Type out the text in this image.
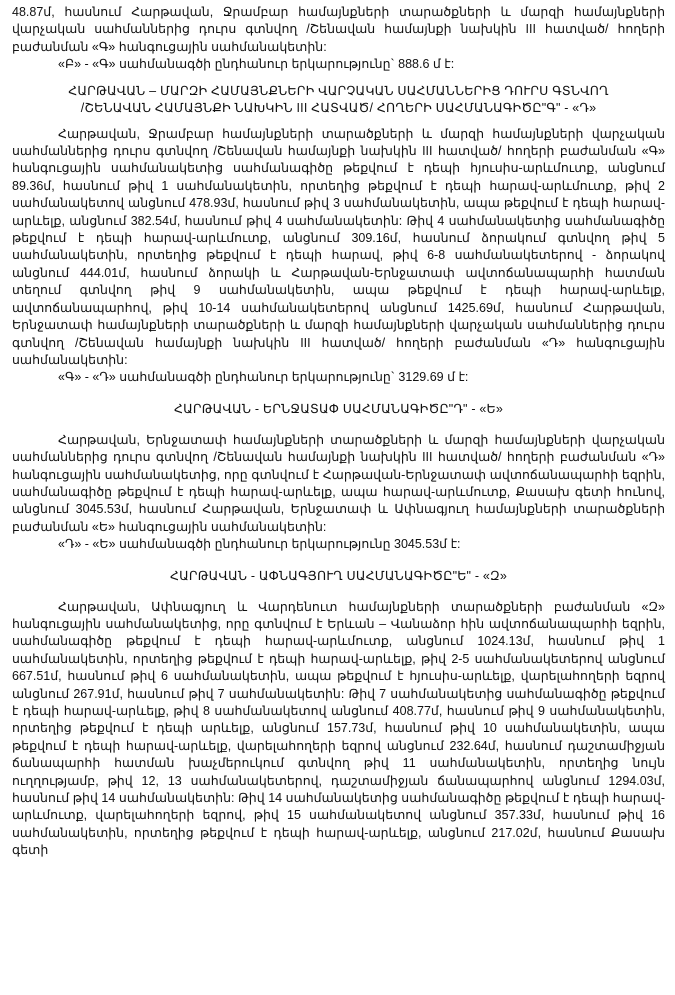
48.87մ, հասնում Հարթավան, Ջրամբար համայնքների տարածքների և մարզի համայնքների վարչական սահմաններից դուրս գտնվող /Շենավան համայնքի նախկին III հատված/ հողերի բաժանման «Գ» հանգուցային սահմանակետին:

«Բ» - «Գ» սահմանագծի ընդհանուր երկարությունը` 888.6 մ է:

ՀԱՐԹԱՎԱՆ – ՄԱՐԶԻ ՀԱՄԱՅՆՔՆԵՐԻ ՎԱՐՉԱԿԱՆ ՍԱՀՄԱՆՆԵՐԻՑ ԴՈՒՐՍ ԳՏՆՎՈՂ

/ՇԵՆԱՎԱՆ ՀԱՄԱՅՆՔԻ ՆԱԽԿԻՆ III ՀԱՏՎԱԾ/ ՀՈՂԵՐԻ ՍԱՀՄԱՆԱԳԻԾԸ"Գ" - «Դ»

Հարթավան, Ջրամբար համայնքների տարածքների և մարզի համայնքների վարչական սահմաններից դուրս գտնվող /Շենավան համայնքի նախկին III հատված/ հողերի բաժանման «Գ» հանգուցային սահմանակետից սահմանագիծը թեքվում է դեպի հյուսիս-արևմուտք, անցնում 89.36մ, հասնում թիվ 1 սահմանակետին, որտեղից թեքվում է դեպի հարավ-արևմուտք, թիվ 2 սահմանակետով անցնում 478.93մ, հասնում թիվ 3 սահմանակետին, ապա թեքվում է դեպի հարավ-արևելք, անցնում 382.54մ, հասնում թիվ 4 սահմանակետին: Թիվ 4 սահմանակետից սահմանագիծը թեքվում է դեպի հարավ-արևմուտք, անցնում 309.16մ, հասնում ձորակում գտնվող թիվ 5 սահմանակետին, որտեղից թեքվում է դեպի հարավ, թիվ 6-8 սահմանակետերով - ձորակով անցնում 444.01մ, հասնում ձորակի և Հարթավան-Երնջատափ ավտոճանապարհի հատման տեղում գտնվող թիվ 9 սահմանակետին, ապա թեքվում է դեպի հարավ-արևելք, ավտոճանապարհով, թիվ 10-14 սահմանակետերով անցնում 1425.69մ, հասնում Հարթավան, Երնջատափ համայնքների տարածքների և մարզի համայնքների վարչական սահմաններից դուրս գտնվող /Շենավան համայնքի նախկին III հատված/ հողերի բաժանման «Դ» հանգուցային սահմանակետին:

«Գ» - «Դ» սահմանագծի ընդհանուր երկարությունը` 3129.69 մ է:

ՀԱՐԹԱՎԱՆ - ԵՐՆՋԱՏԱՓ ՍԱՀՄԱՆԱԳԻԾԸ"Դ" - «Ե»

Հարթավան, Երնջատափ համայնքների տարածքների և մարզի համայնքների վարչական սահմաններից դուրս գտնվող /Շենավան համայնքի նախկին III հատված/ հողերի բաժանման «Դ» հանգուցային սահմանակետից, որը գտնվում է Հարթավան-Երնջատափ ավտոճանապարհի եզրին, սահմանագիծը թեքվում է դեպի հարավ-արևելք, ապա հարավ-արևմուտք, Քասախ գետի հունով, անցնում 3045.53մ, հասնում Հարթավան, Երնջատափ և Ափնագյուղ համայնքների տարածքների բաժանման «Ե» հանգուցային սահմանակետին:

«Դ» - «Ե» սահմանագծի ընդհանուր երկարությունը 3045.53մ է:

ՀԱՐԹԱՎԱՆ - ԱՓՆԱԳՅՈՒՂ ՍԱՀՄԱՆԱԳԻԾԸ"Ե" - «Զ»

Հարթավան, Ափնագյուղ և Վարդենուտ համայնքների տարածքների բաժանման «Զ» հանգուցային սահմանակետից, որը գտնվում է Երևան – Վանաձոր հին ավտոճանապարհի եզրին, սահմանագիծը թեքվում է դեպի հարավ-արևմուտք, անցնում 1024.13մ, հասնում թիվ 1 սահմանակետին, որտեղից թեքվում է դեպի հարավ-արևելք, թիվ 2-5 սահմանակետերով անցնում 667.51մ, հասնում թիվ 6 սահմանակետին, ապա թեքվում է հյուսիս-արևելք, վարելահողերի եզրով անցնում 267.91մ, հասնում թիվ 7 սահմանակետին: Թիվ 7 սահմանակետից սահմանագիծը թեքվում է դեպի հարավ-արևելք, թիվ 8 սահմանակետով անցնում 408.77մ, հասնում թիվ 9 սահմանակետին, որտեղից թեքվում է դեպի արևելք, անցնում 157.73մ, հասնում թիվ 10 սահմանակետին, ապա թեքվում է դեպի հարավ-արևելք, վարելահողերի եզրով անցնում 232.64մ, հասնում դաշտամիջյան ճանապարհի հատման խաչմերուկում գտնվող թիվ 11 սահմանակետին, որտեղից նույն ուղղությամբ, թիվ 12, 13 սահմանակետերով, դաշտամիջյան ճանապարհով անցնում 1294.03մ, հասնում թիվ 14 սահմանակետին: Թիվ 14 սահմանակետից սահմանագիծը թեքվում է դեպի հարավ-արևմուտք, վարելահողերի եզրով, թիվ 15 սահմանակետով անցնում 357.33մ, հասնում թիվ 16 սահմանակետին, որտեղից թեքվում է դեպի հարավ-արևելք, անցնում 217.02մ, հասնում Քասախ գետի
